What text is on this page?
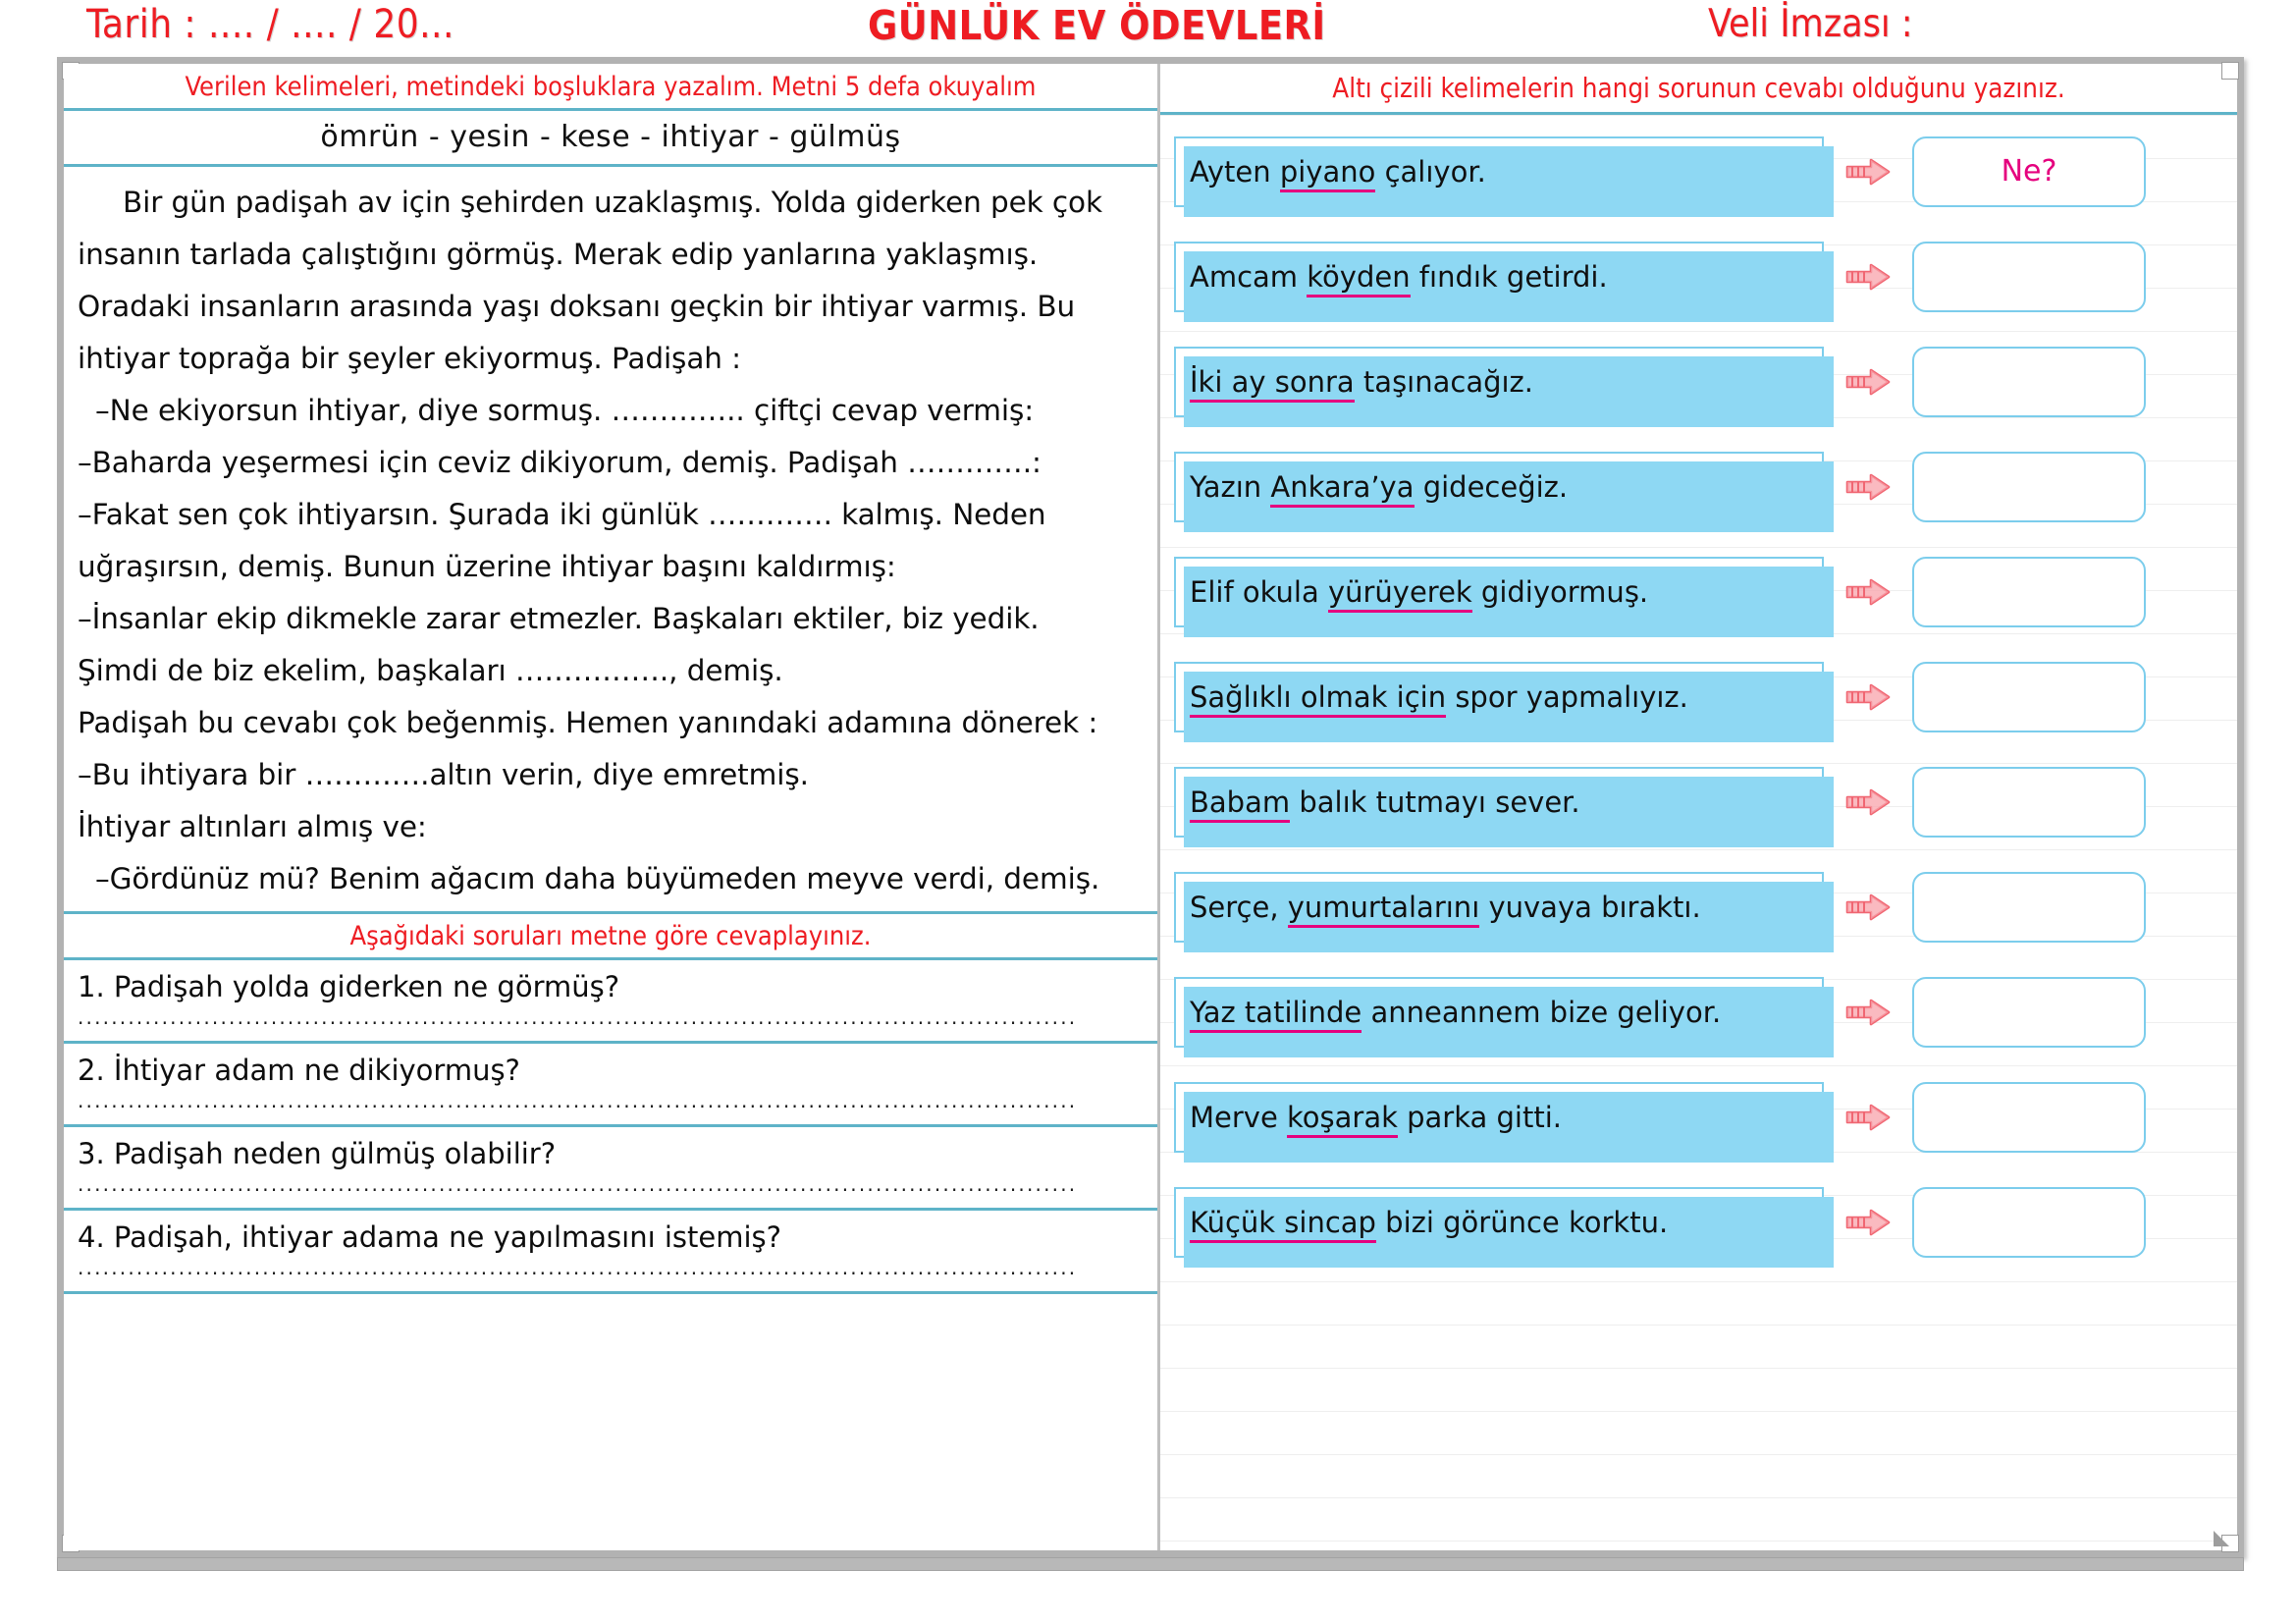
Tarih : .... / .... / 20...	GÜNLÜK EV ÖDEVLERİ	Veli İmzası :
Verilen kelimeleri, metindeki boşluklara yazalım. Metni 5 defa okuyalım
ömrün - yesin - kese - ihtiyar - gülmüş

Bir gün padişah av için şehirden uzaklaşmış. Yolda giderken pek çok

insanın tarlada çalıştığını görmüş. Merak edip yanlarına yaklaşmış.

Oradaki insanların arasında yaşı doksanı geçkin bir ihtiyar varmış. Bu

ihtiyar toprağa bir şeyler ekiyormuş. Padişah :

–Ne ekiyorsun ihtiyar, diye sormuş. ………….. çiftçi cevap vermiş:

–Baharda yeşermesi için ceviz dikiyorum, demiş. Padişah ………….:

–Fakat sen çok ihtiyarsın. Şurada iki günlük …………. kalmış. Neden

uğraşırsın, demiş. Bunun üzerine ihtiyar başını kaldırmış:

–İnsanlar ekip dikmekle zarar etmezler. Başkaları ektiler, biz yedik.

Şimdi de biz ekelim, başkaları ……………., demiş.

Padişah bu cevabı çok beğenmiş. Hemen yanındaki adamına dönerek :

–Bu ihtiyara bir ………….altın verin, diye emretmiş.

İhtiyar altınları almış ve:

–Gördünüz mü? Benim ağacım daha büyümeden meyve verdi, demiş.

Aşağıdaki soruları metne göre cevaplayınız.
1. Padişah yolda giderken ne görmüş?
.......................................................................................................................
2. İhtiyar adam ne dikiyormuş?
.......................................................................................................................
3. Padişah neden gülmüş olabilir?
.......................................................................................................................
4. Padişah, ihtiyar adama ne yapılmasını istemiş?
.......................................................................................................................
Altı çizili kelimelerin hangi sorunun cevabı olduğunu yazınız.
Ayten piyano çalıyor.	Ne?
Amcam köyden fındık getirdi.
İki ay sonra taşınacağız.
Yazın Ankara’ya gideceğiz.
Elif okula yürüyerek gidiyormuş.
Sağlıklı olmak için spor yapmalıyız.
Babam balık tutmayı sever.
Serçe, yumurtalarını yuvaya bıraktı.
Yaz tatilinde anneannem bize geliyor.
Merve koşarak parka gitti.
Küçük sincap bizi görünce korktu.
